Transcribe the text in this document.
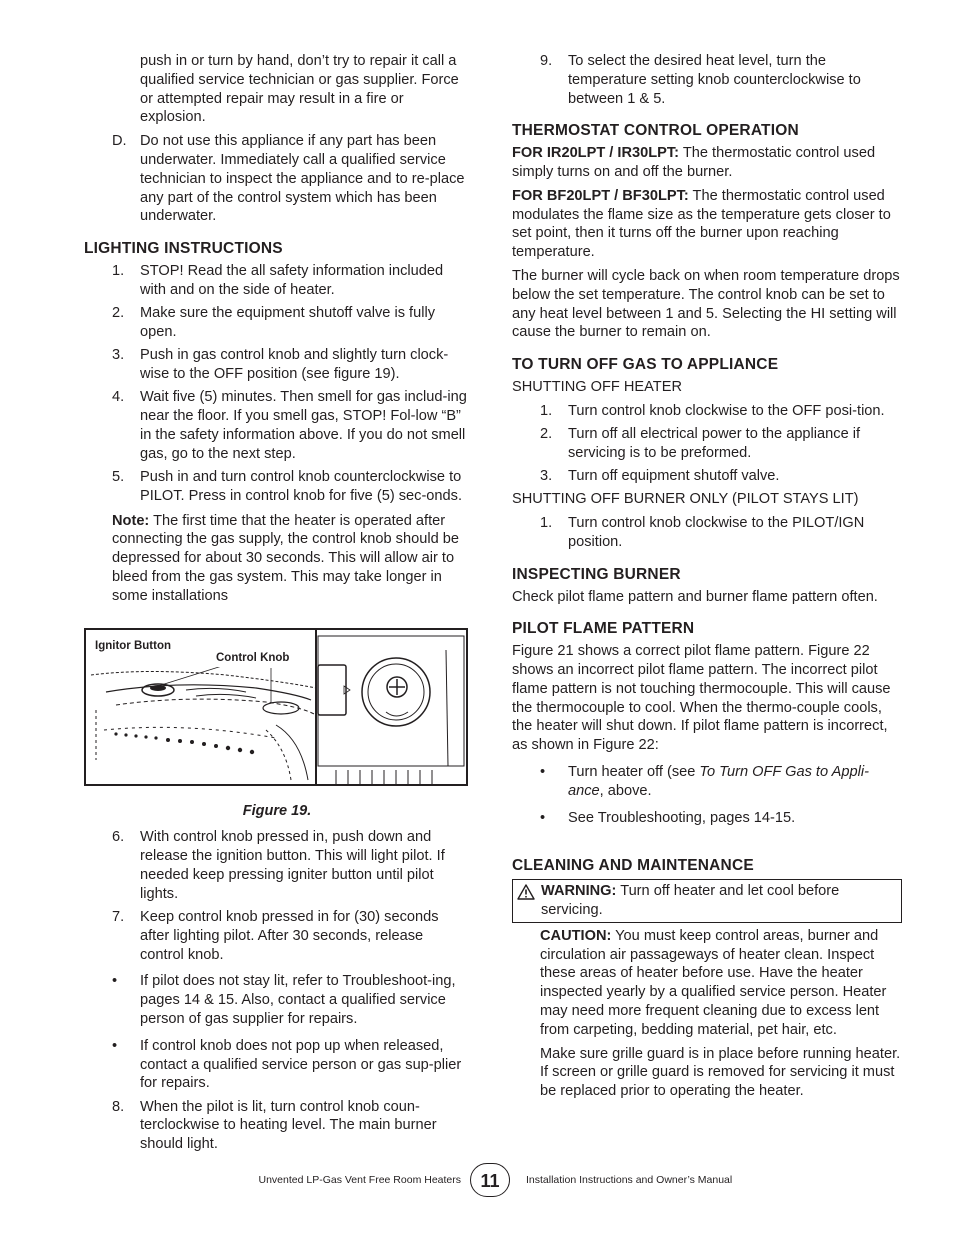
push in or turn by hand, don’t try to repair it call a qualified service technician or gas supplier. Force or attempted repair may result in a fire or explosion.

D. Do not use this appliance if any part has been underwater. Immediately call a qualified service technician to inspect the appliance and to re-place any part of the control system which has been underwater.
LIGHTING INSTRUCTIONS
1.	STOP! Read the all safety information included with and on the side of heater.
2.	Make sure the equipment shutoff valve is fully open.
3.	Push in gas control knob and slightly turn clock-wise to the OFF position (see figure 19).
4.	Wait five (5) minutes. Then smell for gas includ-ing near the floor. If you smell gas, STOP! Fol-low “B” in the safety information above. If you do not smell gas, go to the next step.
5.	Push in and turn control knob counterclockwise to PILOT. Press in control knob for five (5) sec-onds.

Note: The first time that the heater is operated after connecting the gas supply, the control knob should be depressed for about 30 seconds. This will allow air to bleed from the gas system. This may take longer in some installations

Ignitor Button
Control Knob
Figure 19.
6.	With control knob pressed in, push down and release the ignition button. This will light pilot. If needed keep pressing igniter button until pilot lights.
7.	Keep control knob pressed in for (30) seconds after lighting pilot. After 30 seconds, release control knob.
•	If pilot does not stay lit, refer to Troubleshoot-ing, pages 14 & 15. Also, contact a qualified service person of gas supplier for repairs.
•	If control knob does not pop up when released, contact a qualified service person or gas sup-plier for repairs.
8.	When the pilot is lit, turn control knob coun-terclockwise to heating level. The main burner should light.
9.	To select the desired heat level, turn the temperature setting knob counterclockwise to between 1 & 5.
THERMOSTAT CONTROL OPERATION

FOR IR20LPT / IR30LPT: The thermostatic control used simply turns on and off the burner.

FOR BF20LPT / BF30LPT: The thermostatic control used modulates the flame size as the temperature gets closer to set point, then it turns off the burner upon reaching temperature.

The burner will cycle back on when room temperature drops below the set temperature. The control knob can be set to any heat level between 1 and 5. Selecting the HI setting will cause the burner to remain on.

TO TURN OFF GAS TO APPLIANCE

SHUTTING OFF HEATER

1.	Turn control knob clockwise to the OFF posi-tion.
2.	Turn off all electrical power to the appliance if servicing is to be preformed.
3.	Turn off equipment shutoff valve.

SHUTTING OFF BURNER ONLY (PILOT STAYS LIT)

1.	Turn control knob clockwise to the PILOT/IGN position.
INSPECTING BURNER

Check pilot flame pattern and burner flame pattern often.

PILOT FLAME PATTERN

Figure 21 shows a correct pilot flame pattern. Figure 22 shows an incorrect pilot flame pattern. The incorrect pilot flame pattern is not touching thermocouple. This will cause the thermocouple to cool. When the thermo-couple cools, the heater will shut down. If pilot flame pattern is incorrect, as shown in Figure 22:

•	Turn heater off (see To Turn OFF Gas to Appli-ance, above.
•	See Troubleshooting, pages 14-15.
CLEANING AND MAINTENANCE
WARNING: Turn off heater and let cool before servicing.

CAUTION: You must keep control areas, burner and circulation air passageways of heater clean. Inspect these areas of heater before use. Have the heater inspected yearly by a qualified service person. Heater may need more frequent cleaning due to excess lent from carpeting, bedding material, pet hair, etc.

Make sure grille guard is in place before running heater. If screen or grille guard is removed for servicing it must be replaced prior to operating the heater.

Unvented LP-Gas Vent Free Room Heaters	11	Installation Instructions and Owner’s Manual
